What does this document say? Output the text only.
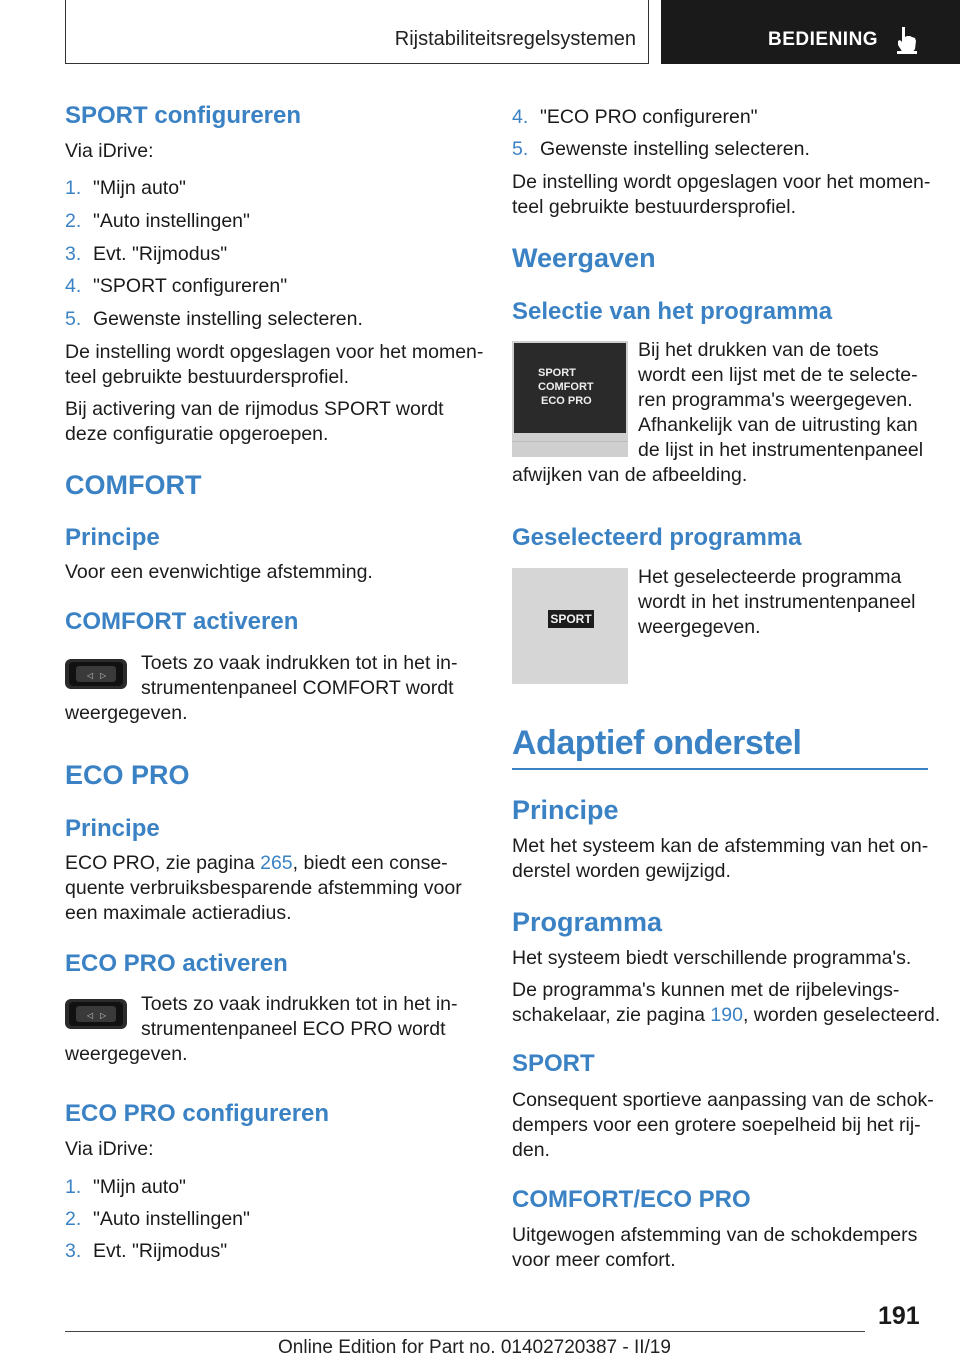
Rijstabiliteitsregelsystemen	BEDIENING
SPORT configureren

Via iDrive:

1. "Mijn auto"
2. "Auto instellingen"
3. Evt. "Rijmodus"
4. "SPORT configureren"
5. Gewenste instelling selecteren.

De instelling wordt opgeslagen voor het momen-

teel gebruikte bestuurdersprofiel.

Bij activering van de rijmodus SPORT wordt

deze configuratie opgeroepen.

COMFORT
Principe

Voor een evenwichtige afstemming.

COMFORT activeren
◁ ▷

Toets zo vaak indrukken tot in het in-

strumentenpaneel COMFORT wordt

weergegeven.

ECO PRO
Principe

ECO PRO, zie pagina 265, biedt een conse-

quente verbruiksbesparende afstemming voor

een maximale actieradius.

ECO PRO activeren
◁ ▷

Toets zo vaak indrukken tot in het in-

strumentenpaneel ECO PRO wordt

weergegeven.

ECO PRO configureren

Via iDrive:

1. "Mijn auto"
2. "Auto instellingen"
3. Evt. "Rijmodus"
4. "ECO PRO configureren"
5. Gewenste instelling selecteren.

De instelling wordt opgeslagen voor het momen-

teel gebruikte bestuurdersprofiel.

Weergaven
Selectie van het programma
SPORT
COMFORT
ECO PRO

Bij het drukken van de toets

wordt een lijst met de te selecte-

ren programma's weergegeven.

Afhankelijk van de uitrusting kan

de lijst in het instrumentenpaneel

afwijken van de afbeelding.

Geselecteerd programma
SPORT

Het geselecteerde programma

wordt in het instrumentenpaneel

weergegeven.

Adaptief onderstel
Principe

Met het systeem kan de afstemming van het on-

derstel worden gewijzigd.

Programma

Het systeem biedt verschillende programma's.

De programma's kunnen met de rijbelevings-

schakelaar, zie pagina 190, worden geselecteerd.

SPORT

Consequent sportieve aanpassing van de schok-

dempers voor een grotere soepelheid bij het rij-

den.

COMFORT/ECO PRO

Uitgewogen afstemming van de schokdempers

voor meer comfort.

191
Online Edition for Part no. 01402720387 - II/19
